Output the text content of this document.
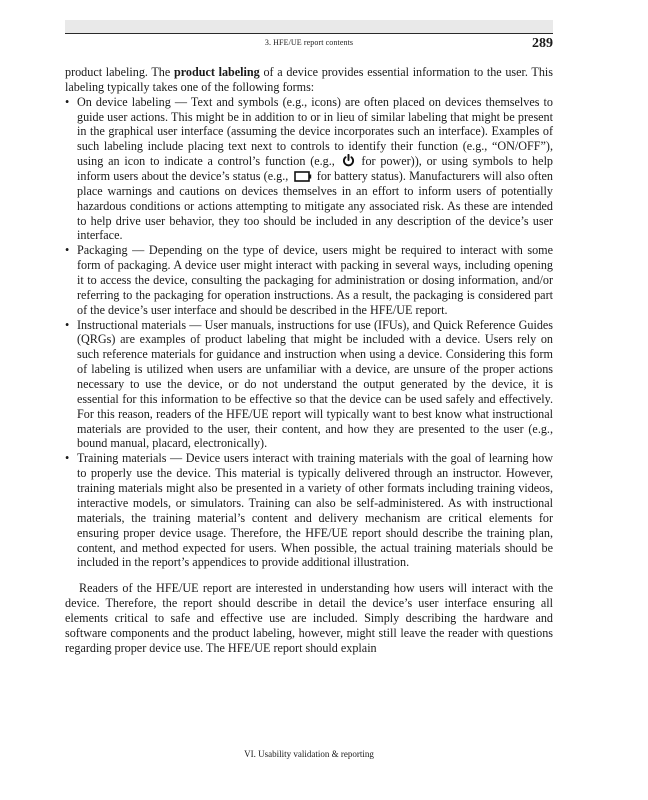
3. HFE/UE report contents	289

product labeling. The product labeling of a device provides essential information to the user. This labeling typically takes one of the following forms:

• On device labeling — Text and symbols (e.g., icons) are often placed on devices themselves to guide user actions. This might be in addition to or in lieu of similar labeling that might be present in the graphical user interface (assuming the device incorporates such an interface). Examples of such labeling include placing text next to controls to identify their function (e.g., “ON/OFF”), using an icon to indicate a control’s function (e.g.,  for power)), or using symbols to help inform users about the device’s status (e.g.,  for battery status). Manufacturers will also often place warnings and cautions on devices themselves in an effort to inform users of potentially hazardous conditions or actions attempting to mitigate any associated risk. As these are intended to help drive user behavior, they too should be included in any description of the device’s user interface.
• Packaging — Depending on the type of device, users might be required to interact with some form of packaging. A device user might interact with packing in several ways, including opening it to access the device, consulting the packaging for administration or dosing information, and/or referring to the packaging for operation instructions. As a result, the packaging is considered part of the device’s user interface and should be described in the HFE/UE report.
• Instructional materials — User manuals, instructions for use (IFUs), and Quick Reference Guides (QRGs) are examples of product labeling that might be included with a device. Users rely on such reference materials for guidance and instruction when using a device. Considering this form of labeling is utilized when users are unfamiliar with a device, are unsure of the proper actions necessary to use the device, or do not understand the output generated by the device, it is essential for this information to be effective so that the device can be used safely and effectively. For this reason, readers of the HFE/UE report will typically want to best know what instructional materials are provided to the user, their content, and how they are presented to the user (e.g., bound manual, placard, electronically).
• Training materials — Device users interact with training materials with the goal of learning how to properly use the device. This material is typically delivered through an instructor. However, training materials might also be presented in a variety of other formats including training videos, interactive models, or simulators. Training can also be self-administered. As with instructional materials, the training material’s content and delivery mechanism are critical elements for ensuring proper device usage. Therefore, the HFE/UE report should describe the training plan, content, and method expected for users. When possible, the actual training materials should be included in the report’s appendices to provide additional illustration.

Readers of the HFE/UE report are interested in understanding how users will interact with the device. Therefore, the report should describe in detail the device’s user interface ensuring all elements critical to safe and effective use are included. Simply describing the hardware and software components and the product labeling, however, might still leave the reader with questions regarding proper device use. The HFE/UE report should explain

VI. Usability validation & reporting
